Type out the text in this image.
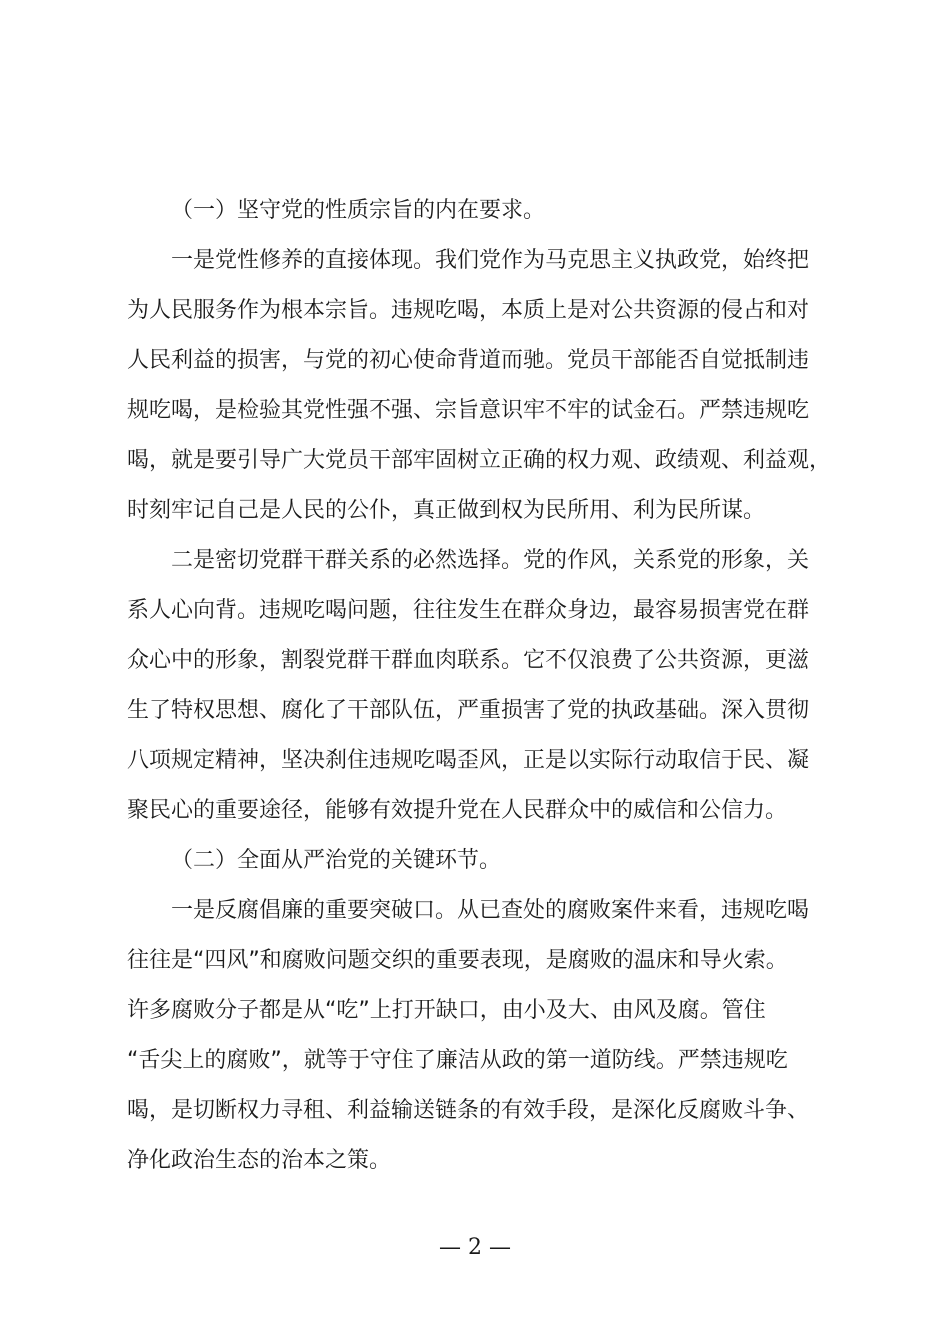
（一）坚守党的性质宗旨的内在要求。
一是党性修养的直接体现。我们党作为马克思主义执政党，始终把
为人民服务作为根本宗旨。违规吃喝，本质上是对公共资源的侵占和对
人民利益的损害，与党的初心使命背道而驰。党员干部能否自觉抵制违
规吃喝，是检验其党性强不强、宗旨意识牢不牢的试金石。严禁违规吃
喝，就是要引导广大党员干部牢固树立正确的权力观、政绩观、利益观，
时刻牢记自己是人民的公仆，真正做到权为民所用、利为民所谋。
二是密切党群干群关系的必然选择。党的作风，关系党的形象，关
系人心向背。违规吃喝问题，往往发生在群众身边，最容易损害党在群
众心中的形象，割裂党群干群血肉联系。它不仅浪费了公共资源，更滋
生了特权思想、腐化了干部队伍，严重损害了党的执政基础。深入贯彻
八项规定精神，坚决刹住违规吃喝歪风，正是以实际行动取信于民、凝
聚民心的重要途径，能够有效提升党在人民群众中的威信和公信力。
（二）全面从严治党的关键环节。
一是反腐倡廉的重要突破口。从已查处的腐败案件来看，违规吃喝
往往是“四风”和腐败问题交织的重要表现，是腐败的温床和导火索。
许多腐败分子都是从“吃”上打开缺口，由小及大、由风及腐。管住
“舌尖上的腐败”，就等于守住了廉洁从政的第一道防线。严禁违规吃
喝，是切断权力寻租、利益输送链条的有效手段，是深化反腐败斗争、
净化政治生态的治本之策。
— 2 —
